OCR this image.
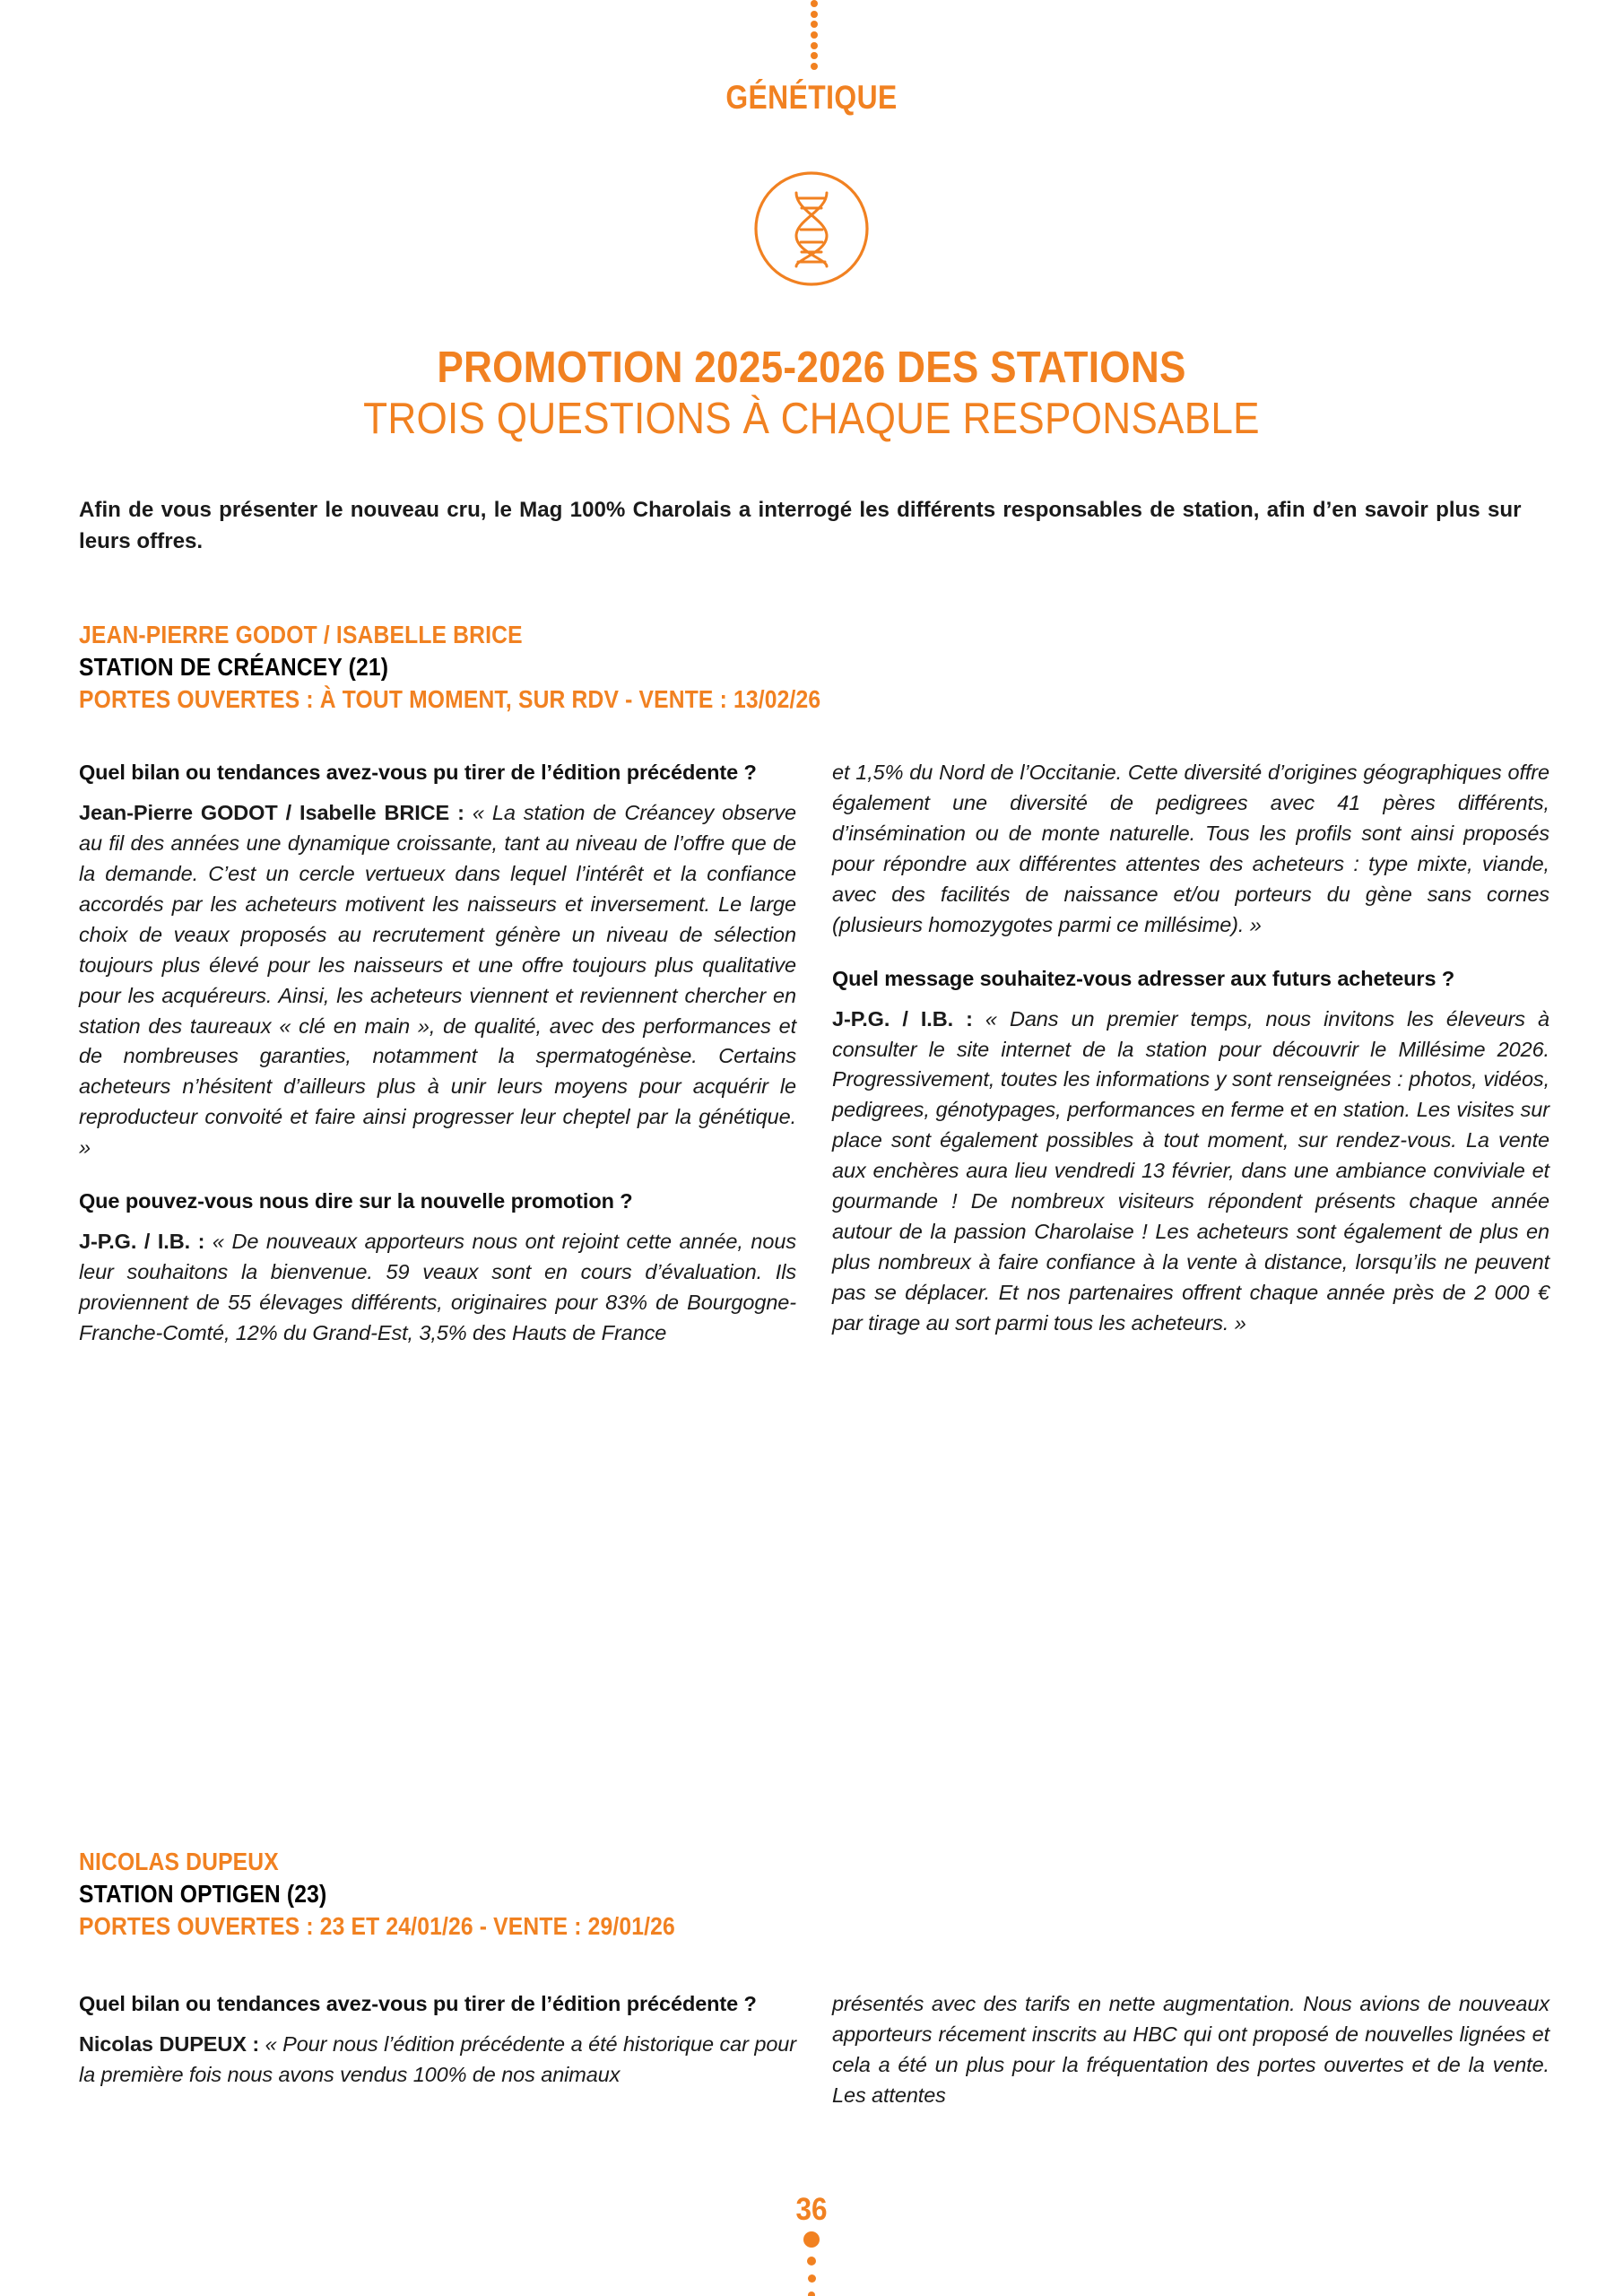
GÉNÉTIQUE
PROMOTION 2025-2026 DES STATIONS
TROIS QUESTIONS À CHAQUE RESPONSABLE
Afin de vous présenter le nouveau cru, le Mag 100% Charolais a interrogé les différents responsables de station, afin d’en savoir plus sur leurs offres.
JEAN-PIERRE GODOT / ISABELLE BRICE
STATION DE CRÉANCEY (21)
PORTES OUVERTES : À TOUT MOMENT, SUR RDV - VENTE : 13/02/26

Quel bilan ou tendances avez-vous pu tirer de l’édition précédente ?

Jean-Pierre GODOT / Isabelle BRICE : « La station de Créancey observe au fil des années une dynamique croissante, tant au niveau de l’offre que de la demande. C’est un cercle vertueux dans lequel l’intérêt et la confiance accordés par les acheteurs motivent les naisseurs et inversement. Le large choix de veaux proposés au recrutement génère un niveau de sélection toujours plus élevé pour les naisseurs et une offre toujours plus qualitative pour les acquéreurs. Ainsi, les acheteurs viennent et reviennent chercher en station des taureaux « clé en main », de qualité, avec des performances et de nombreuses garanties, notamment la spermatogénèse. Certains acheteurs n’hésitent d’ailleurs plus à unir leurs moyens pour acquérir le reproducteur convoité et faire ainsi progresser leur cheptel par la génétique. »

Que pouvez-vous nous dire sur la nouvelle promotion ?

J-P.G. / I.B. : « De nouveaux apporteurs nous ont rejoint cette année, nous leur souhaitons la bienvenue. 59 veaux sont en cours d’évaluation. Ils proviennent de 55 élevages différents, originaires pour 83% de Bourgogne-Franche-Comté, 12% du Grand-Est, 3,5% des Hauts de France

et 1,5% du Nord de l’Occitanie. Cette diversité d’origines géographiques offre également une diversité de pedigrees avec 41 pères différents, d’insémination ou de monte naturelle. Tous les profils sont ainsi proposés pour répondre aux différentes attentes des acheteurs : type mixte, viande, avec des facilités de naissance et/ou porteurs du gène sans cornes (plusieurs homozygotes parmi ce millésime). »

Quel message souhaitez-vous adresser aux futurs acheteurs ?

J-P.G. / I.B. : « Dans un premier temps, nous invitons les éleveurs à consulter le site internet de la station pour découvrir le Millésime 2026. Progressivement, toutes les informations y sont renseignées : photos, vidéos, pedigrees, génotypages, performances en ferme et en station. Les visites sur place sont également possibles à tout moment, sur rendez-vous. La vente aux enchères aura lieu vendredi 13 février, dans une ambiance conviviale et gourmande ! De nombreux visiteurs répondent présents chaque année autour de la passion Charolaise ! Les acheteurs sont également de plus en plus nombreux à faire confiance à la vente à distance, lorsqu’ils ne peuvent pas se déplacer. Et nos partenaires offrent chaque année près de 2 000 € par tirage au sort parmi tous les acheteurs. »

NICOLAS DUPEUX
STATION OPTIGEN (23)
PORTES OUVERTES : 23 ET 24/01/26 - VENTE : 29/01/26

Quel bilan ou tendances avez-vous pu tirer de l’édition précédente ?

Nicolas DUPEUX : « Pour nous l’édition précédente a été historique car pour la première fois nous avons vendus 100% de nos animaux

présentés avec des tarifs en nette augmentation. Nous avions de nouveaux apporteurs récement inscrits au HBC qui ont proposé de nouvelles lignées et cela a été un plus pour la fréquentation des portes ouvertes et de la vente. Les attentes

36
